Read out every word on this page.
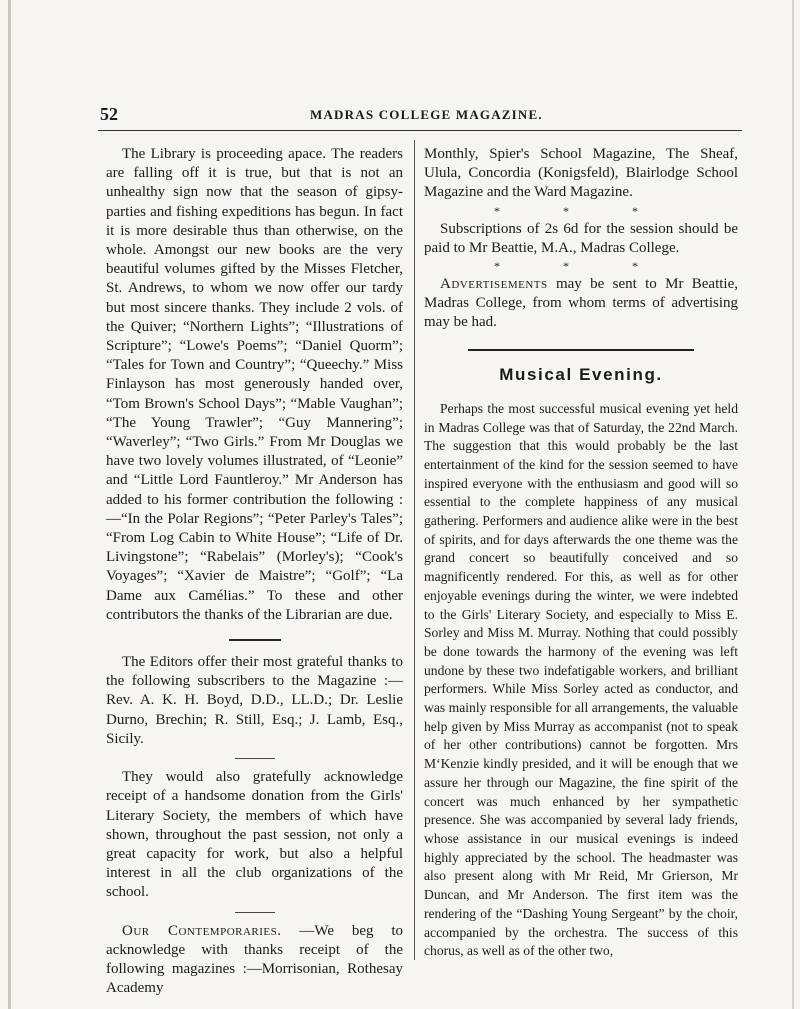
52	MADRAS COLLEGE MAGAZINE.

The Library is proceeding apace. The readers are falling off it is true, but that is not an unhealthy sign now that the season of gipsy-parties and fishing expeditions has begun. In fact it is more desirable thus than otherwise, on the whole. Amongst our new books are the very beautiful volumes gifted by the Misses Fletcher, St. Andrews, to whom we now offer our tardy but most sincere thanks. They include 2 vols. of the Quiver; “Northern Lights”; “Illustrations of Scripture”; “Lowe's Poems”; “Daniel Quorm”; “Tales for Town and Country”; “Queechy.” Miss Finlayson has most generously handed over, “Tom Brown's School Days”; “Mable Vaughan”; “The Young Trawler”; “Guy Mannering”; “Waverley”; “Two Girls.” From Mr Douglas we have two lovely volumes illustrated, of “Leonie” and “Little Lord Fauntleroy.” Mr Anderson has added to his former contribution the following :—“In the Polar Regions”; “Peter Parley's Tales”; “From Log Cabin to White House”; “Life of Dr. Livingstone”; “Rabelais” (Morley's); “Cook's Voyages”; “Xavier de Maistre”; “Golf”; “La Dame aux Camélias.” To these and other contributors the thanks of the Librarian are due.

The Editors offer their most grateful thanks to the following subscribers to the Magazine :—Rev. A. K. H. Boyd, D.D., LL.D.; Dr. Leslie Durno, Brechin; R. Still, Esq.; J. Lamb, Esq., Sicily.

They would also gratefully acknowledge receipt of a handsome donation from the Girls' Literary Society, the members of which have shown, throughout the past session, not only a great capacity for work, but also a helpful interest in all the club organizations of the school.

Our Contemporaries. —We beg to acknowledge with thanks receipt of the following magazines :—Morrisonian, Rothesay Academy

Monthly, Spier's School Magazine, The Sheaf, Ulula, Concordia (Konigsfeld), Blairlodge School Magazine and the Ward Magazine.

* * *

Subscriptions of 2s 6d for the session should be paid to Mr Beattie, M.A., Madras College.

* * *

Advertisements may be sent to Mr Beattie, Madras College, from whom terms of advertising may be had.

Musical Evening.

Perhaps the most successful musical evening yet held in Madras College was that of Saturday, the 22nd March. The suggestion that this would probably be the last entertainment of the kind for the session seemed to have inspired everyone with the enthusiasm and good will so essential to the complete happiness of any musical gathering. Performers and audience alike were in the best of spirits, and for days afterwards the one theme was the grand concert so beautifully conceived and so magnificently rendered. For this, as well as for other enjoyable evenings during the winter, we were indebted to the Girls' Literary Society, and especially to Miss E. Sorley and Miss M. Murray. Nothing that could possibly be done towards the harmony of the evening was left undone by these two indefatigable workers, and brilliant performers. While Miss Sorley acted as conductor, and was mainly responsible for all arrangements, the valuable help given by Miss Murray as accompanist (not to speak of her other contributions) cannot be forgotten. Mrs M‘Kenzie kindly presided, and it will be enough that we assure her through our Magazine, the fine spirit of the concert was much enhanced by her sympathetic presence. She was accompanied by several lady friends, whose assistance in our musical evenings is indeed highly appreciated by the school. The headmaster was also present along with Mr Reid, Mr Grierson, Mr Duncan, and Mr Anderson. The first item was the rendering of the “Dashing Young Sergeant” by the choir, accompanied by the orchestra. The success of this chorus, as well as of the other two,
